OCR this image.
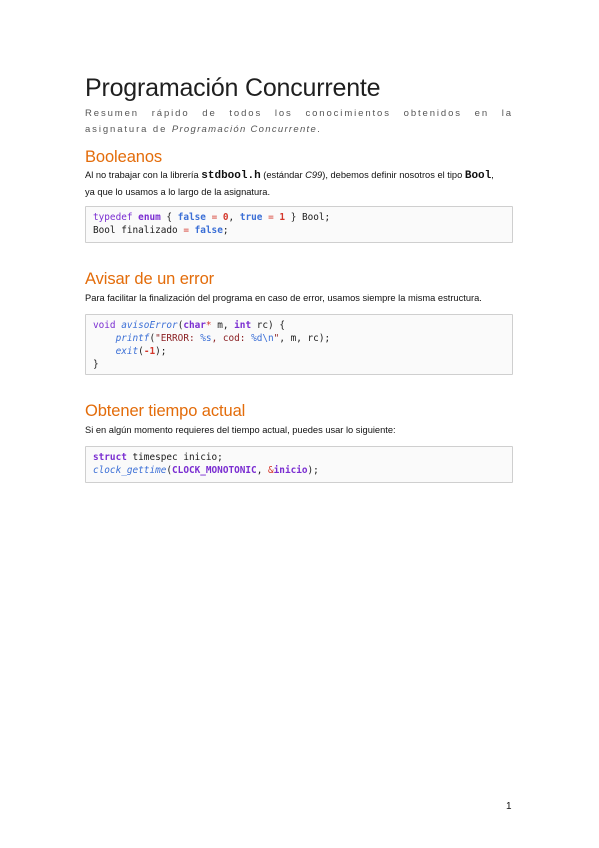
Programación Concurrente
Resumen rápido de todos los conocimientos obtenidos en la asignatura de Programación Concurrente.
Booleanos
Al no trabajar con la librería stdbool.h (estándar C99), debemos definir nosotros el tipo Bool,
ya que lo usamos a lo largo de la asignatura.
typedef enum { false = 0, true = 1 } Bool;
Bool finalizado = false;
Avisar de un error
Para facilitar la finalización del programa en caso de error, usamos siempre la misma estructura.
void avisoError(char* m, int rc) {
printf("ERROR: %s, cod: %d\n", m, rc);
exit(-1);
}
Obtener tiempo actual
Si en algún momento requieres del tiempo actual, puedes usar lo siguiente:
struct timespec inicio;
clock_gettime(CLOCK_MONOTONIC, &inicio);
1
